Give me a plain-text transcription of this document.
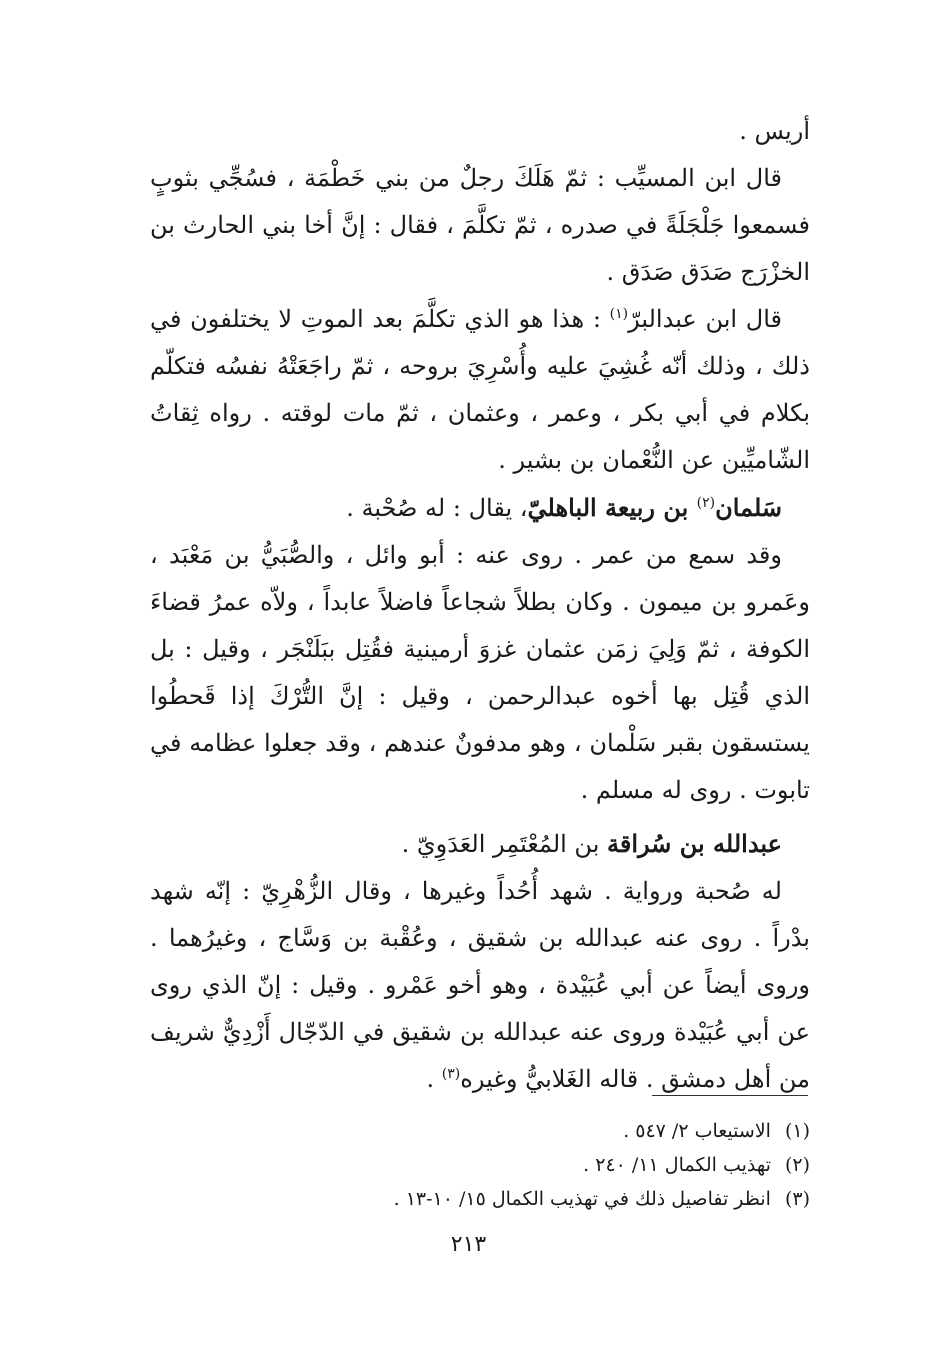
أريس .

قال ابن المسيِّب : ثمّ هَلَكَ رجلٌ من بني خَطْمَة ، فسُجِّي بثوبٍ فسمعوا جَلْجَلَةً في صدره ، ثمّ تكلَّمَ ، فقال : إنَّ أخا بني الحارث بن الخزْرَج صَدَق صَدَق .

قال ابن عبدالبرّ$^{(١)}$ : هذا هو الذي تكلَّمَ بعد الموتِ لا يختلفون في ذلك ، وذلك أنّه غُشِيَ عليه وأُسْرِيَ بروحه ، ثمّ راجَعَتْهُ نفسُه فتكلّم بكلام في أبي بكر ، وعمر ، وعثمان ، ثمّ مات لوقته . رواه ثِقاتُ الشّاميِّين عن النُّعْمان بن بشير .

سَلمان$^{(٢)}$ بن ربيعة الباهليّ، يقال : له صُحْبة .

وقد سمع من عمر . روى عنه : أبو وائل ، والصُّبَيُّ بن مَعْبَد ، وعَمرو بن ميمون . وكان بطلاً شجاعاً فاضلاً عابداً ، ولاّه عمرُ قضاءَ الكوفة ، ثمّ وَلِيَ زمَن عثمان غزوَ أرمينية فقُتِل ببَلَنْجَر ، وقيل : بل الذي قُتِل بها أخوه عبدالرحمن ، وقيل : إنَّ التُّرْكَ إذا قَحطُوا يستسقون بقبر سَلْمان ، وهو مدفونٌ عندهم ، وقد جعلوا عظامه في تابوت . روى له مسلم .

عبدالله بن سُراقة بن المُعْتَمِر العَدَوِيّ .

له صُحبة ورواية . شهد أُحُداً وغيرها ، وقال الزُّهْرِيّ : إنّه شهد بدْراً . روى عنه عبدالله بن شقيق ، وعُقْبة بن وَسَّاج ، وغيرُهما . وروى أيضاً عن أبي عُبَيْدة ، وهو أخو عَمْرو . وقيل : إنّ الذي روى عن أبي عُبَيْدة وروى عنه عبدالله بن شقيق في الدّجّال أَزْدِيٌّ شريف من أهل دمشق . قاله الغَلابيُّ وغيره$^{(٣)}$ .

(١)الاستيعاب ٢/ ٥٤٧ .

(٢)تهذيب الكمال ١١/ ٢٤٠ .

(٣)انظر تفاصيل ذلك في تهذيب الكمال ١٥/ ١٠-١٣ .

٢١٣
